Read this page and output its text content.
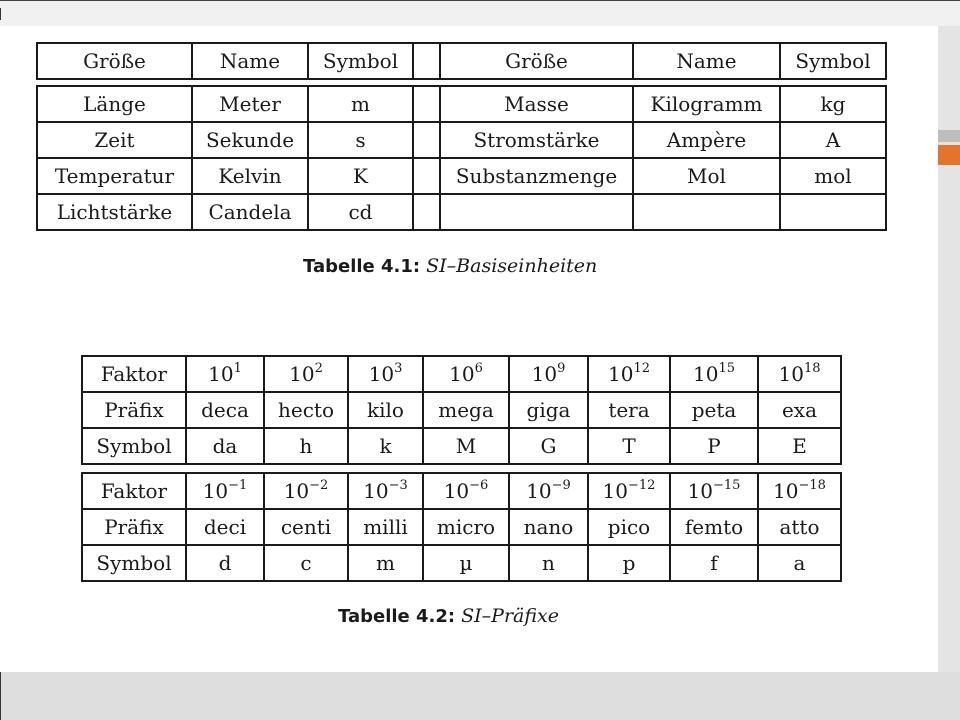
Größe	Name	Symbol		Größe	Name	Symbol
Länge	Meter	m		Masse	Kilogramm	kg
Zeit	Sekunde	s		Stromstärke	Ampère	A
Temperatur	Kelvin	K		Substanzmenge	Mol	mol
Lichtstärke	Candela	cd				
Tabelle 4.1: SI–Basiseinheiten
Faktor	$10^1$	$10^2$	$10^3$	$10^6$	$10^9$	$10^{12}$	$10^{15}$	$10^{18}$
Präfix	deca	hecto	kilo	mega	giga	tera	peta	exa
Symbol	da	h	k	M	G	T	P	E
Faktor	$10^{-1}$	$10^{-2}$	$10^{-3}$	$10^{-6}$	$10^{-9}$	$10^{-12}$	$10^{-15}$	$10^{-18}$
Präfix	deci	centi	milli	micro	nano	pico	femto	atto
Symbol	d	c	m	µ	n	p	f	a
Tabelle 4.2: SI–Präfixe
